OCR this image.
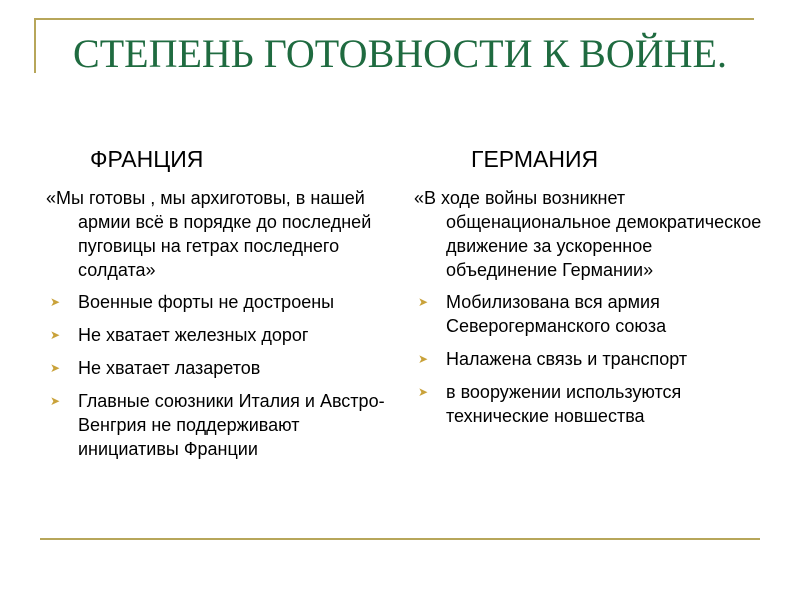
СТЕПЕНЬ ГОТОВНОСТИ К ВОЙНЕ.
ФРАНЦИЯ

«Мы готовы , мы архиготовы, в нашей армии всё в порядке до последней пуговицы на гетрах последнего солдата»

➤ Военные форты не достроены
➤ Не хватает железных дорог
➤ Не хватает лазаретов
➤ Главные союзники Италия и Австро-Венгрия не поддерживают инициативы Франции
ГЕРМАНИЯ

«В ходе войны возникнет общенациональное демократическое движение за ускоренное объединение Германии»

➤ Мобилизована вся армия Северогерманского союза
➤ Налажена связь и транспорт
➤ в вооружении используются технические новшества
